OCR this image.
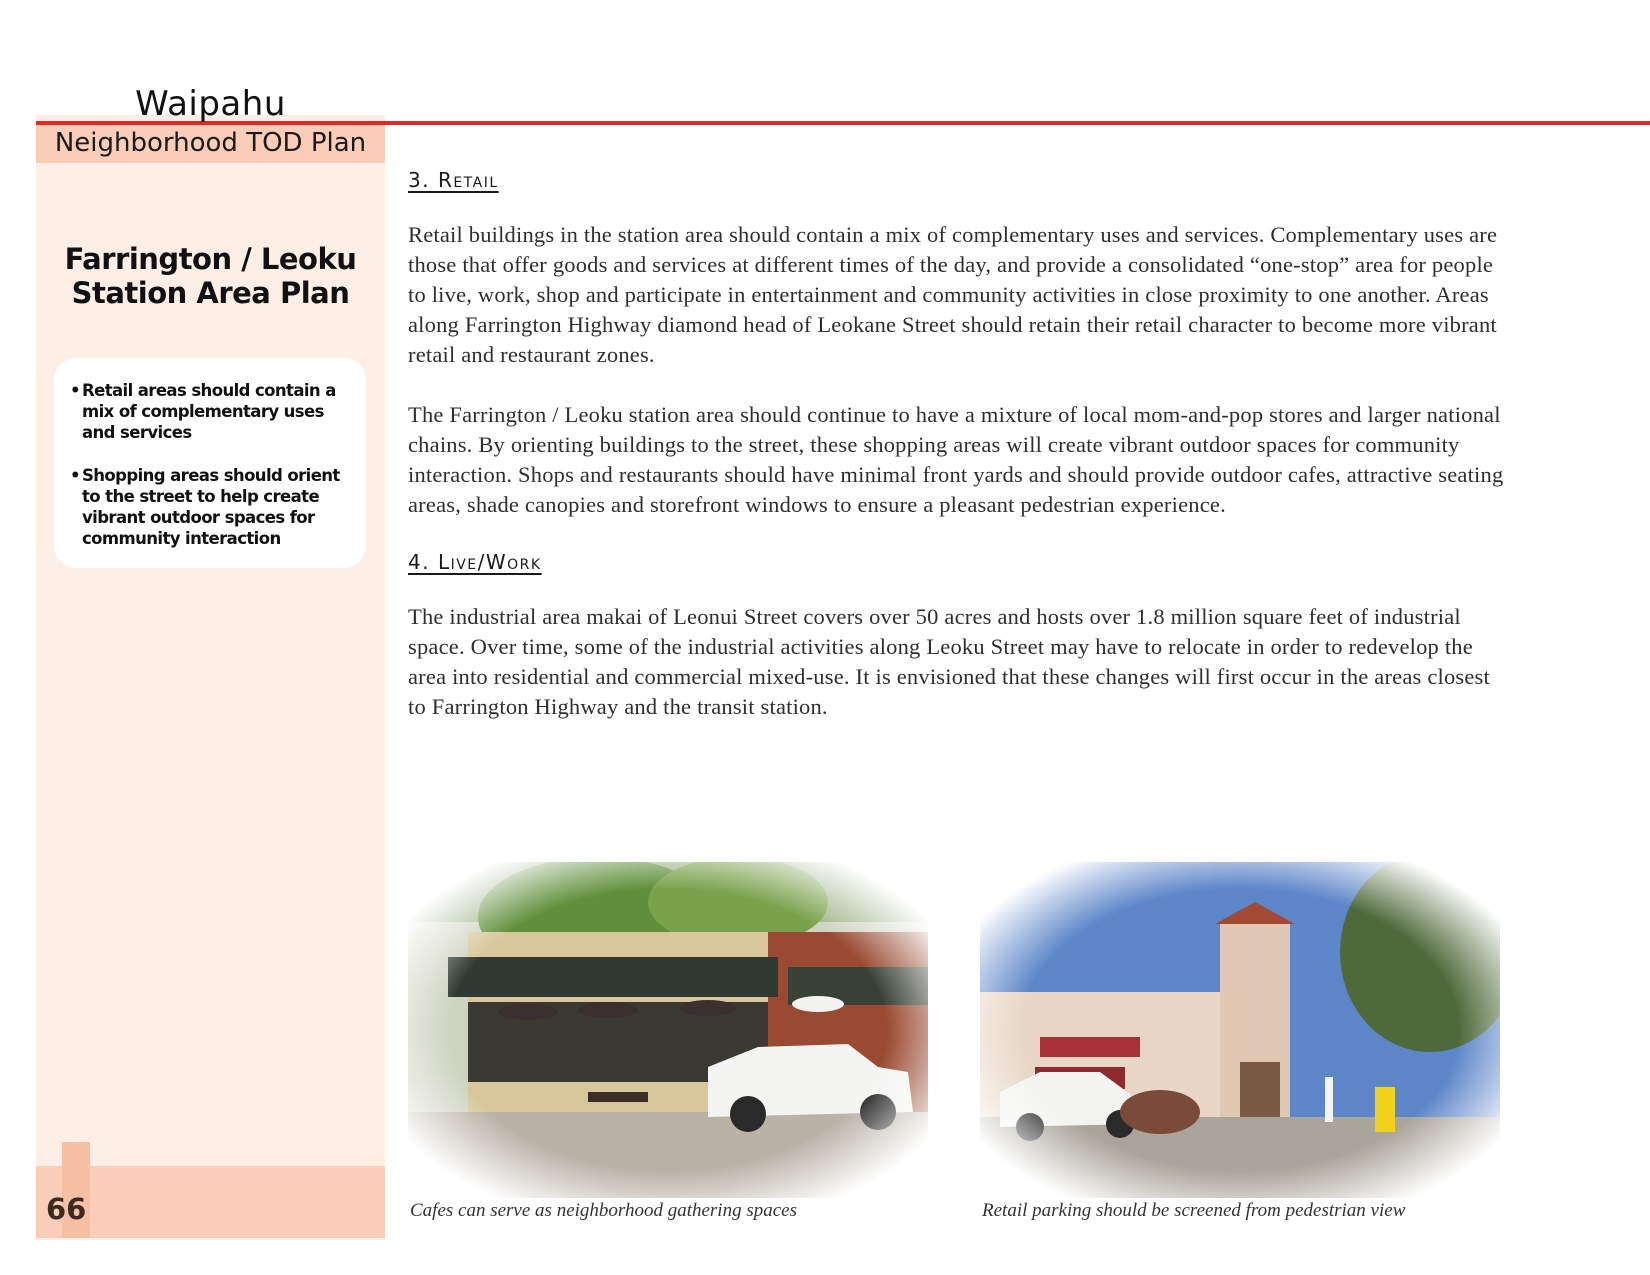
Waipahu
Neighborhood TOD Plan
Farrington / Leoku
Station Area Plan
• Retail areas should contain a mix of complementary uses and services
• Shopping areas should orient to the street to help create vibrant outdoor spaces for community interaction
66
3. Retail

Retail buildings in the station area should contain a mix of complementary uses and services. Complementary uses are those that offer goods and services at different times of the day, and provide a consolidated “one-stop” area for people to live, work, shop and participate in entertainment and community activities in close proximity to one another. Areas along Farrington Highway diamond head of Leokane Street should retain their retail character to become more vibrant retail and restaurant zones.

The Farrington / Leoku station area should continue to have a mixture of local mom-and-pop stores and larger national chains. By orienting buildings to the street, these shopping areas will create vibrant outdoor spaces for community interaction. Shops and restaurants should have minimal front yards and should provide outdoor cafes, attractive seating areas, shade canopies and storefront windows to ensure a pleasant pedestrian experience.

4. Live/Work

The industrial area makai of Leonui Street covers over 50 acres and hosts over 1.8 million square feet of industrial space. Over time, some of the industrial activities along Leoku Street may have to relocate in order to redevelop the area into residential and commercial mixed-use. It is envisioned that these changes will first occur in the areas closest to Farrington Highway and the transit station.

Cafes can serve as neighborhood gathering spaces	Retail parking should be screened from pedestrian view
